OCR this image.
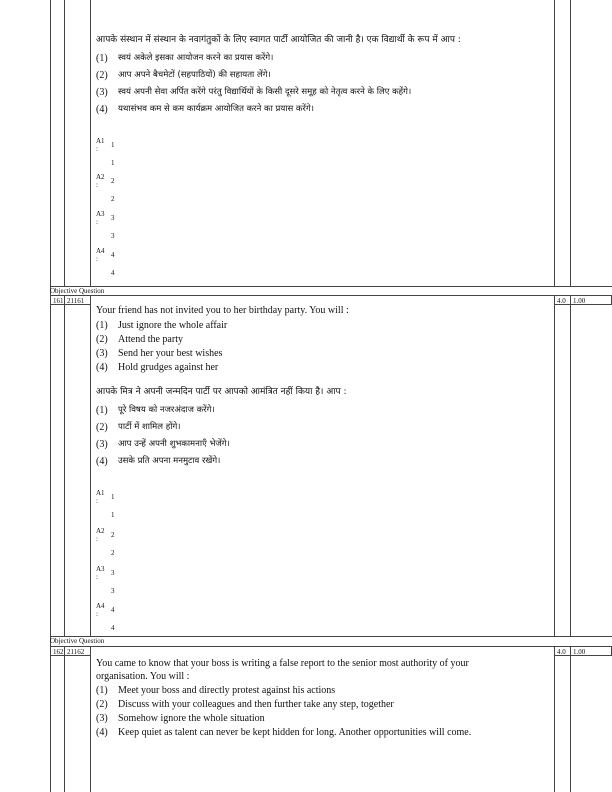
आपके संस्थान में संस्थान के नवागंतुकों के लिए स्वागत पार्टी आयोजित की जानी है। एक विद्यार्थी के रूप में आप :
(1)	स्वयं अकेले इसका आयोजन करने का प्रयास करेंगे।
(2)	आप अपने बैचमेटों (सहपाठियों) की सहायता लेंगे।
(3)	स्वयं अपनी सेवा अर्पित करेंगे परंतु विद्यार्थियों के किसी दूसरे समूह को नेतृत्व करने के लिए कहेंगे।
(4)	यथासंभव कम से कम कार्यक्रम आयोजित करने का प्रयास करेंगे।
A1
: 1
1
A2
: 2
2
A3
: 3
3
A4
: 4
4
Objective Question
161 21161	4.0	1.00
Your friend has not invited you to her birthday party. You will :
(1)	Just ignore the whole affair
(2)	Attend the party
(3)	Send her your best wishes
(4)	Hold grudges against her
आपके मित्र ने अपनी जन्मदिन पार्टी पर आपको आमंत्रित नहीं किया है। आप :
(1)	पूरे विषय को नजरअंदाज करेंगे।
(2)	पार्टी में शामिल होंगे।
(3)	आप उन्हें अपनी शुभकामनाएँ भेजेंगे।
(4)	उसके प्रति अपना मनमुटाव रखेंगे।
A1
: 1
1
A2
: 2
2
A3
: 3
3
A4
: 4
4
Objective Question
162 21162	4.0	1.00
You came to know that your boss is writing a false report to the senior most authority of your
organisation. You will :
(1)	Meet your boss and directly protest against his actions
(2)	Discuss with your colleagues and then further take any step, together
(3)	Somehow ignore the whole situation
(4)	Keep quiet as talent can never be kept hidden for long. Another opportunities will come.
